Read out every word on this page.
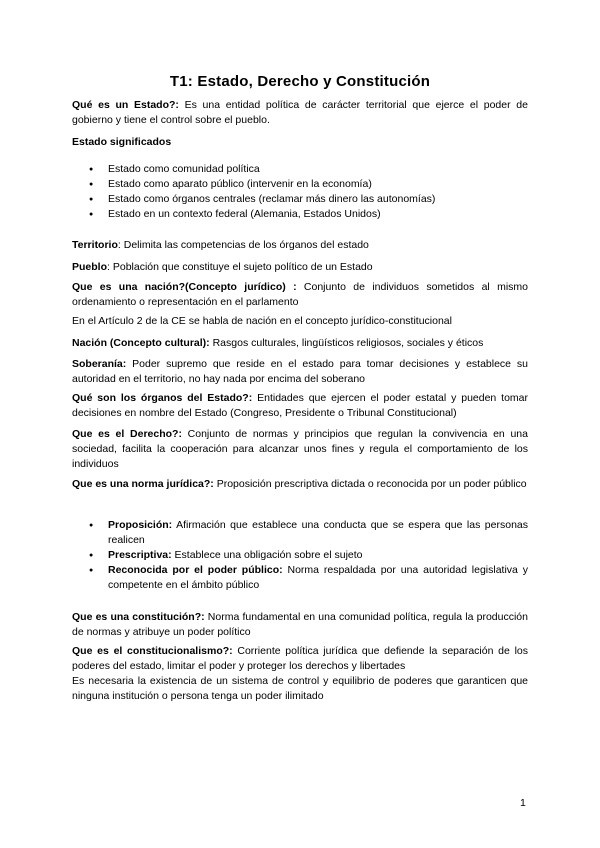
T1: Estado, Derecho y Constitución

Qué es un Estado?: Es una entidad política de carácter territorial que ejerce el poder de gobierno y tiene el control sobre el pueblo.

Estado significados

● Estado como comunidad política
● Estado como aparato público (intervenir en la economía)
● Estado como órganos centrales (reclamar más dinero las autonomías)
● Estado en un contexto federal (Alemania, Estados Unidos)

Territorio: Delimita las competencias de los órganos del estado

Pueblo: Población que constituye el sujeto político de un Estado

Que es una nación?(Concepto jurídico) : Conjunto de individuos sometidos al mismo ordenamiento o representación en el parlamento

En el Artículo 2 de la CE se habla de nación en el concepto jurídico-constitucional

Nación (Concepto cultural): Rasgos culturales, lingüísticos religiosos, sociales y éticos

Soberanía: Poder supremo que reside en el estado para tomar decisiones y establece su autoridad en el territorio, no hay nada por encima del soberano

Qué son los órganos del Estado?: Entidades que ejercen el poder estatal y pueden tomar decisiones en nombre del Estado (Congreso, Presidente o Tribunal Constitucional)

Que es el Derecho?: Conjunto de normas y principios que regulan la convivencia en una sociedad, facilita la cooperación para alcanzar unos fines y regula el comportamiento de los individuos

Que es una norma jurídica?: Proposición prescriptiva dictada o reconocida por un poder público

● Proposición: Afirmación que establece una conducta que se espera que las personas realicen
● Prescriptiva: Establece una obligación sobre el sujeto
● Reconocida por el poder público: Norma respaldada por una autoridad legislativa y competente en el ámbito público

Que es una constitución?: Norma fundamental en una comunidad política, regula la producción de normas y atribuye un poder político

Que es el constitucionalismo?: Corriente política jurídica que defiende la separación de los poderes del estado, limitar el poder y proteger los derechos y libertades
Es necesaria la existencia de un sistema de control y equilibrio de poderes que garanticen que ninguna institución o persona tenga un poder ilimitado

1
